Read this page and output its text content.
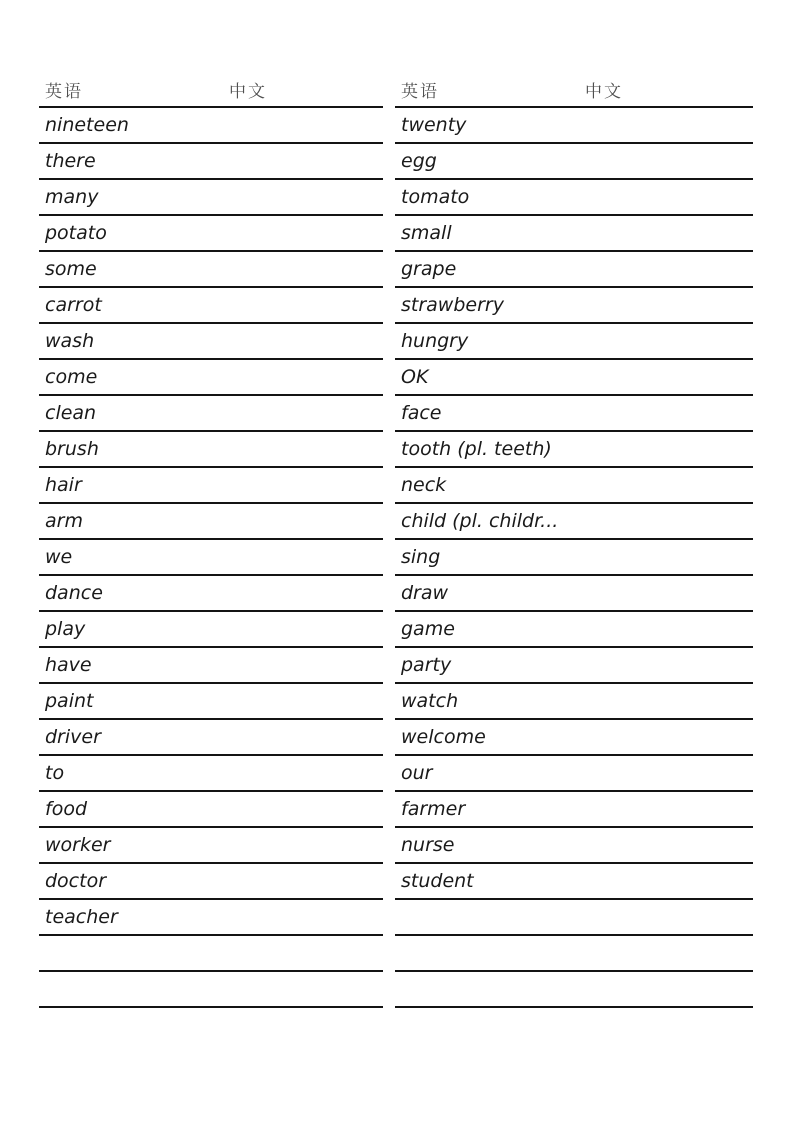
英语	中文
nineteen
there
many
potato
some
carrot
wash
come
clean
brush
hair
arm
we
dance
play
have
paint
driver
to
food
worker
doctor
teacher
英语	中文
twenty
egg
tomato
small
grape
strawberry
hungry
OK
face
tooth (pl. teeth)
neck
child (pl. childr...
sing
draw
game
party
watch
welcome
our
farmer
nurse
student
